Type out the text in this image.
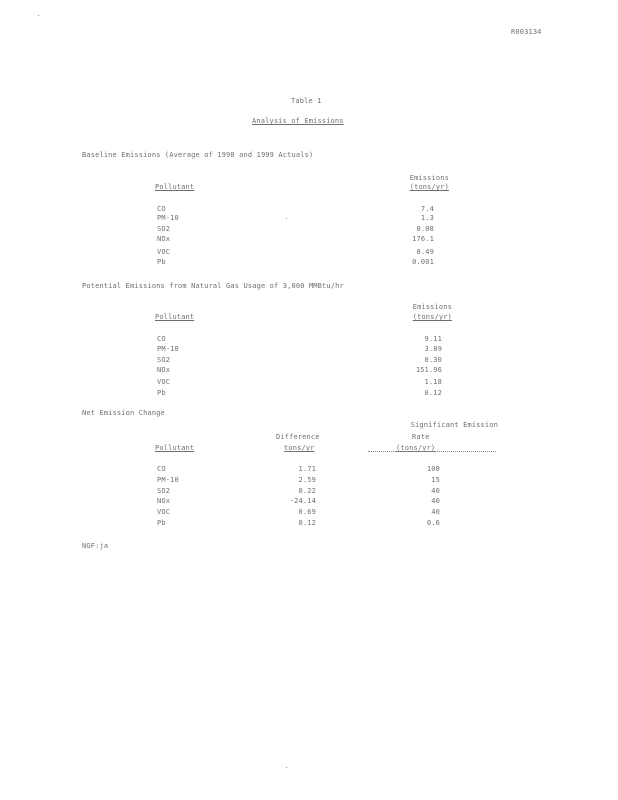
R003134
Table 1
Analysis of Emissions
Baseline Emissions (Average of 1998 and 1999 Actuals)
Emissions
(tons/yr)
Pollutant
CO	7.4
PM-10	1.3
SO2	0.08
NOx	176.1
VOC	0.49
Pb	0.001
Potential Emissions from Natural Gas Usage of 3,000 MMBtu/hr
Emissions
(tons/yr)
Pollutant
CO	9.11
PM-10	3.89
SO2	0.30
NOx	151.96
VOC	1.18
Pb	0.12
Net Emission Change
Significant Emission
Difference	Rate
Pollutant	tons/yr	(tons/yr)
CO	1.71	100
PM-10	2.59	15
SO2	0.22	40
NOx	-24.14	40
VOC	0.69	40
Pb	0.12	0.6
NGF:ja
